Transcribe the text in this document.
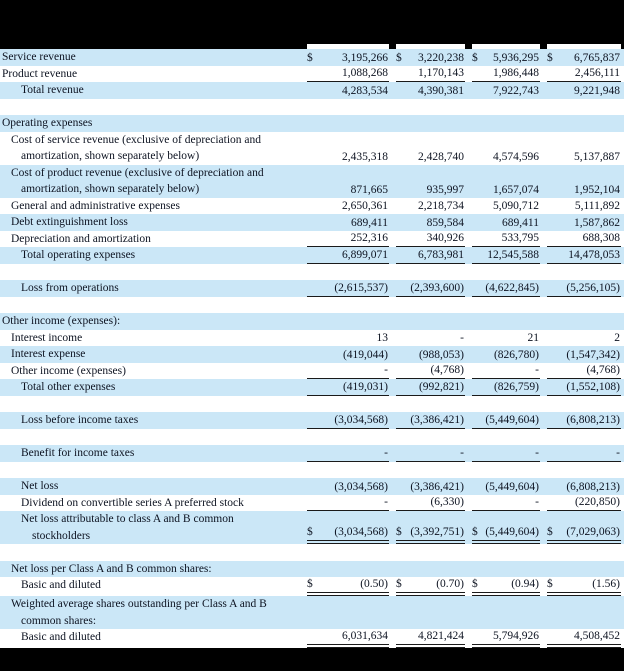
Service revenue	$	3,195,266 $ 3,220,238 $ 5,936,295 $ 6,765,837
Product revenue	1,088,268	1,170,143	1,986,448	2,456,111
Total revenue	4,283,534	4,390,381	7,922,743	9,221,948
Operating expenses
Cost of service revenue (exclusive of depreciation and
amortization, shown separately below)	2,435,318	2,428,740	4,574,596	5,137,887
Cost of product revenue (exclusive of depreciation and
amortization, shown separately below)	871,665	935,997	1,657,074	1,952,104
General and administrative expenses	2,650,361	2,218,734	5,090,712	5,111,892
Debt extinguishment loss	689,411	859,584	689,411	1,587,862
Depreciation and amortization	252,316	340,926	533,795	688,308
Total operating expenses	6,899,071	6,783,981 12,545,588	14,478,053
Loss from operations	(2,615,537) (2,393,600) (4,622,845) (5,256,105)
Other income (expenses):
Interest income	13	-	21	2
Interest expense	(419,044)	(988,053)	(826,780) (1,547,342)
Other income (expenses)	-	(4,768)	-	(4,768)
Total other expenses	(419,031)	(992,821)	(826,759) (1,552,108)
Loss before income taxes	(3,034,568) (3,386,421) (5,449,604) (6,808,213)
Benefit for income taxes	-	-	-	-
Net loss	(3,034,568) (3,386,421) (5,449,604) (6,808,213)
Dividend on convertible series A preferred stock	-	(6,330)	-	(220,850)
Net loss attributable to class A and B common
stockholders	$ (3,034,568) $ (3,392,751) $ (5,449,604) $ (7,029,063)
Net loss per Class A and B common shares:
Basic and diluted	$	(0.50) $	(0.70) $	(0.94) $	(1.56)
Weighted average shares outstanding per Class A and B
common shares:
Basic and diluted	6,031,634	4,821,424	5,794,926	4,508,452
